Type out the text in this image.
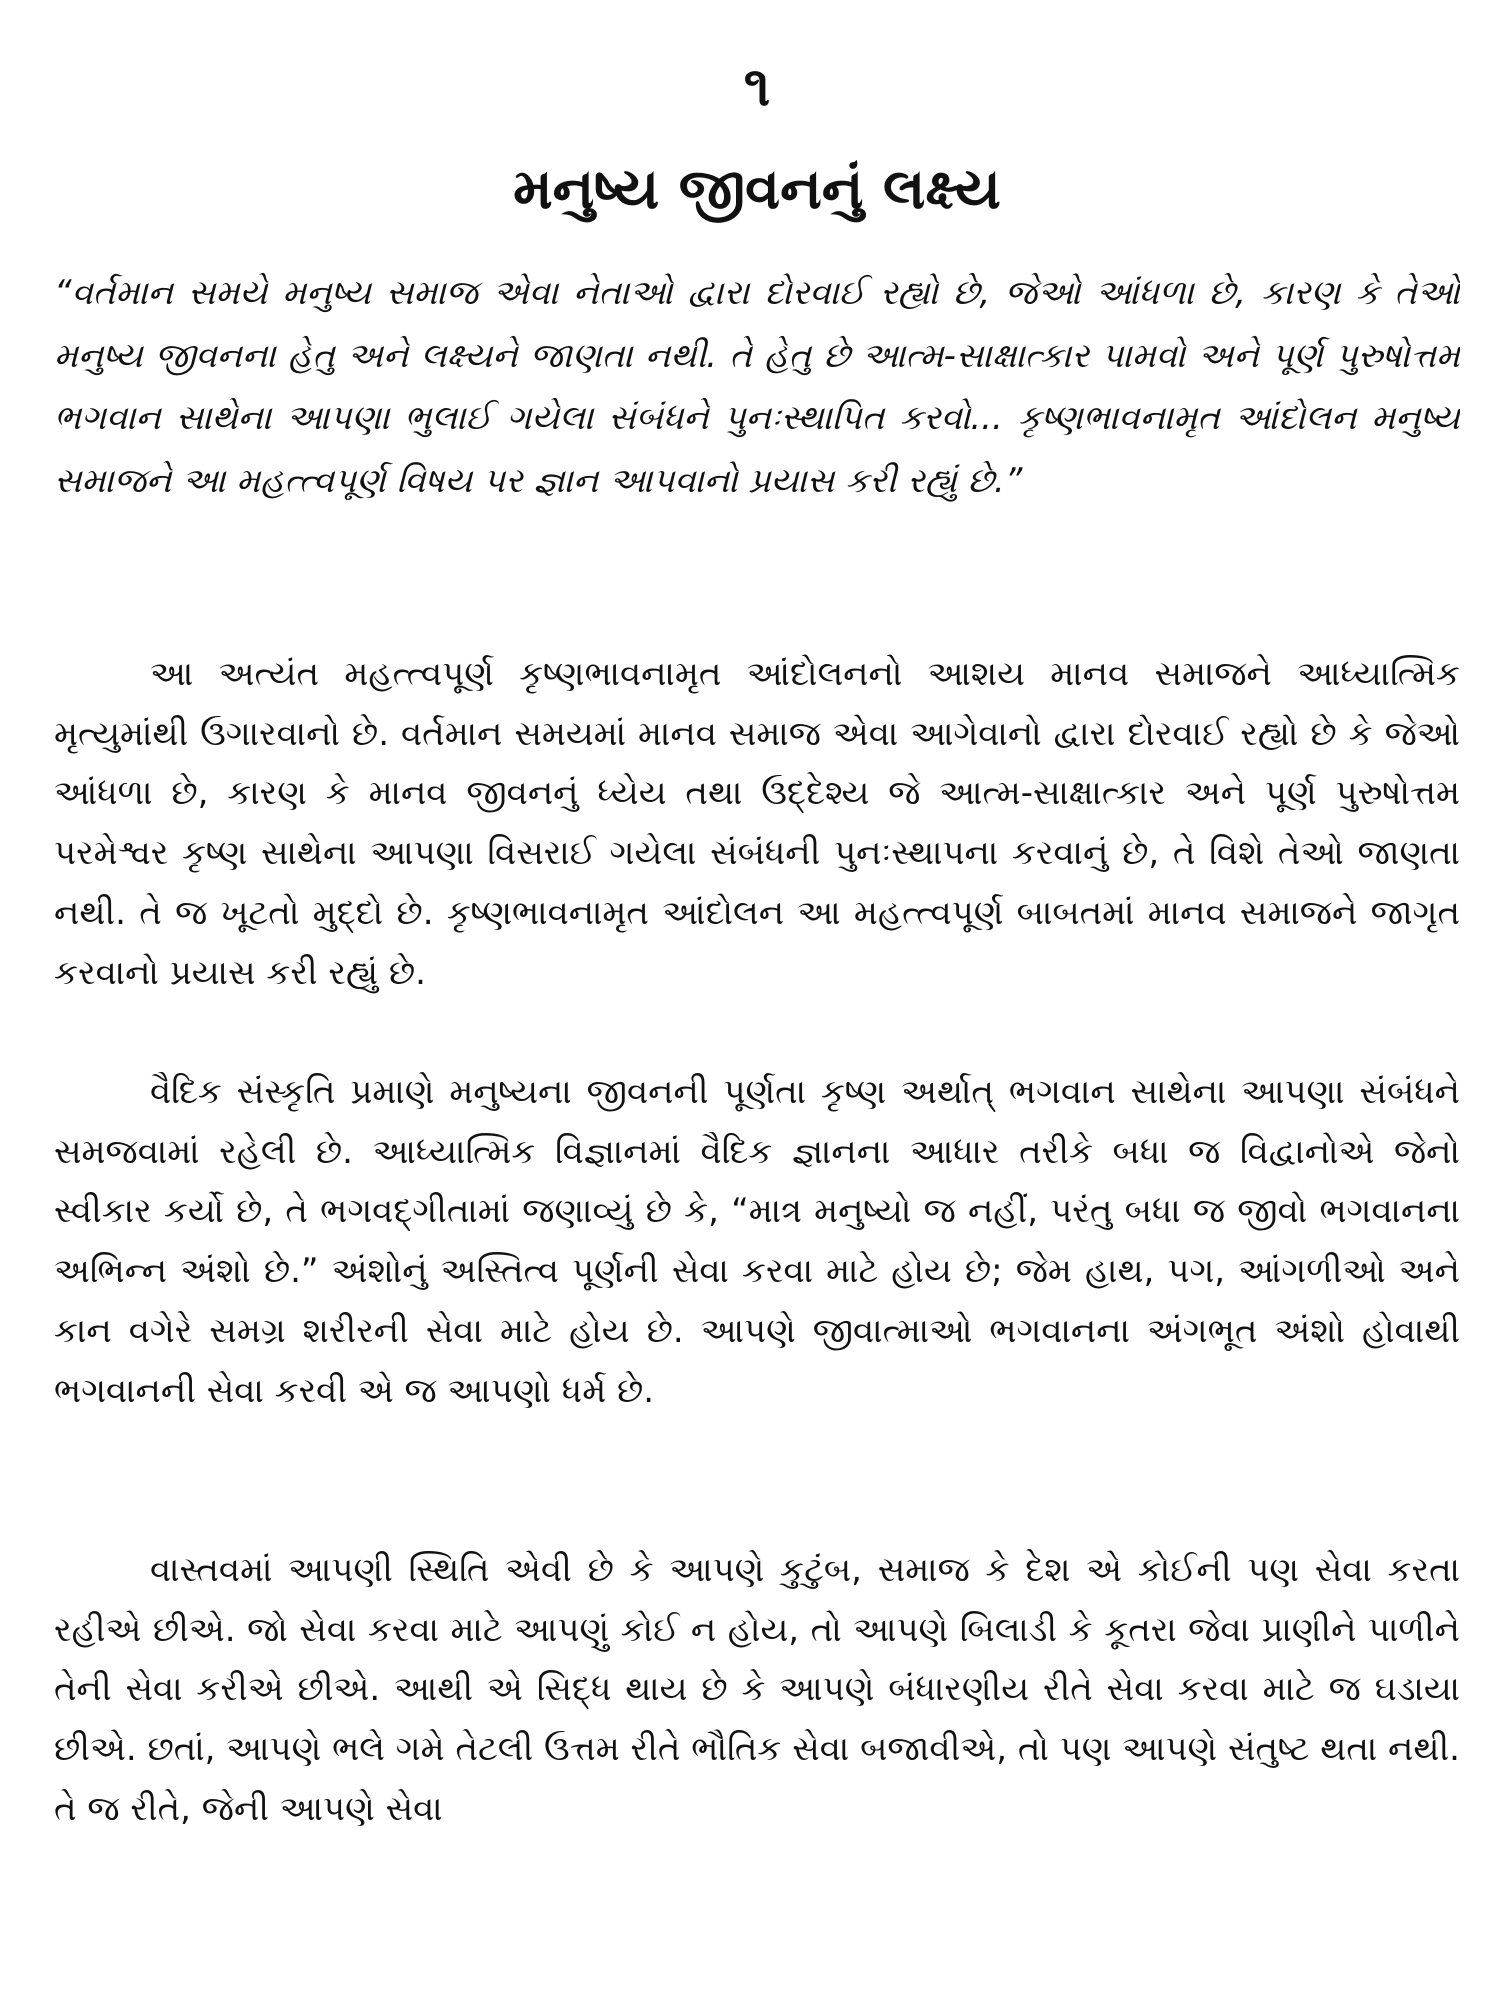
૧
મનુષ્ય જીવનનું લક્ષ્ય

“વર્તમાન સમયે મનુષ્ય સમાજ એવા નેતાઓ દ્વારા દોરવાઈ રહ્યો છે, જેઓ આંધળા છે, કારણ કે તેઓ મનુષ્ય જીવનના હેતુ અને લક્ષ્યને જાણતા નથી. તે હેતુ છે આત્મ-સાક્ષાત્કાર પામવો અને પૂર્ણ પુરુષોત્તમ ભગવાન સાથેના આપણા ભુલાઈ ગયેલા સંબંધને પુનઃસ્થાપિત કરવો... કૃષ્ણભાવનામૃત આંદોલન મનુષ્ય સમાજને આ મહત્ત્વપૂર્ણ વિષય પર જ્ઞાન આપવાનો પ્રયાસ કરી રહ્યું છે.”

આ અત્યંત મહત્ત્વપૂર્ણ કૃષ્ણભાવનામૃત આંદોલનનો આશય માનવ સમાજને આધ્યાત્મિક મૃત્યુમાંથી ઉગારવાનો છે. વર્તમાન સમયમાં માનવ સમાજ એવા આગેવાનો દ્વારા દોરવાઈ રહ્યો છે કે જેઓ આંધળા છે, કારણ કે માનવ જીવનનું ધ્યેય તથા ઉદ્દેશ્ય જે આત્મ-સાક્ષાત્કાર અને પૂર્ણ પુરુષોત્તમ પરમેશ્વર કૃષ્ણ સાથેના આપણા વિસરાઈ ગયેલા સંબંધની પુનઃસ્થાપના કરવાનું છે, તે વિશે તેઓ જાણતા નથી. તે જ ખૂટતો મુદ્દો છે. કૃષ્ણભાવનામૃત આંદોલન આ મહત્ત્વપૂર્ણ બાબતમાં માનવ સમાજને જાગૃત કરવાનો પ્રયાસ કરી રહ્યું છે.

વૈદિક સંસ્કૃતિ પ્રમાણે મનુષ્યના જીવનની પૂર્ણતા કૃષ્ણ અર્થાત્ ભગવાન સાથેના આપણા સંબંધને સમજવામાં રહેલી છે. આધ્યાત્મિક વિજ્ઞાનમાં વૈદિક જ્ઞાનના આધાર તરીકે બધા જ વિદ્વાનોએ જેનો સ્વીકાર કર્યો છે, તે ભગવદ્‌ગીતામાં જણાવ્યું છે કે, “માત્ર મનુષ્યો જ નહીં, પરંતુ બધા જ જીવો ભગવાનના અભિન્ન અંશો છે.” અંશોનું અસ્તિત્વ પૂર્ણની સેવા કરવા માટે હોય છે; જેમ હાથ, પગ, આંગળીઓ અને કાન વગેરે સમગ્ર શરીરની સેવા માટે હોય છે. આપણે જીવાત્માઓ ભગવાનના અંગભૂત અંશો હોવાથી ભગવાનની સેવા કરવી એ જ આપણો ધર્મ છે.

વાસ્તવમાં આપણી સ્થિતિ એવી છે કે આપણે કુટુંબ, સમાજ કે દેશ એ કોઈની પણ સેવા કરતા રહીએ છીએ. જો સેવા કરવા માટે આપણું કોઈ ન હોય, તો આપણે બિલાડી કે કૂતરા જેવા પ્રાણીને પાળીને તેની સેવા કરીએ છીએ. આથી એ સિદ્ધ થાય છે કે આપણે બંધારણીય રીતે સેવા કરવા માટે જ ઘડાયા છીએ. છતાં, આપણે ભલે ગમે તેટલી ઉત્તમ રીતે ભૌતિક સેવા બજાવીએ, તો પણ આપણે સંતુષ્ટ થતા નથી. તે જ રીતે, જેની આપણે સેવા
